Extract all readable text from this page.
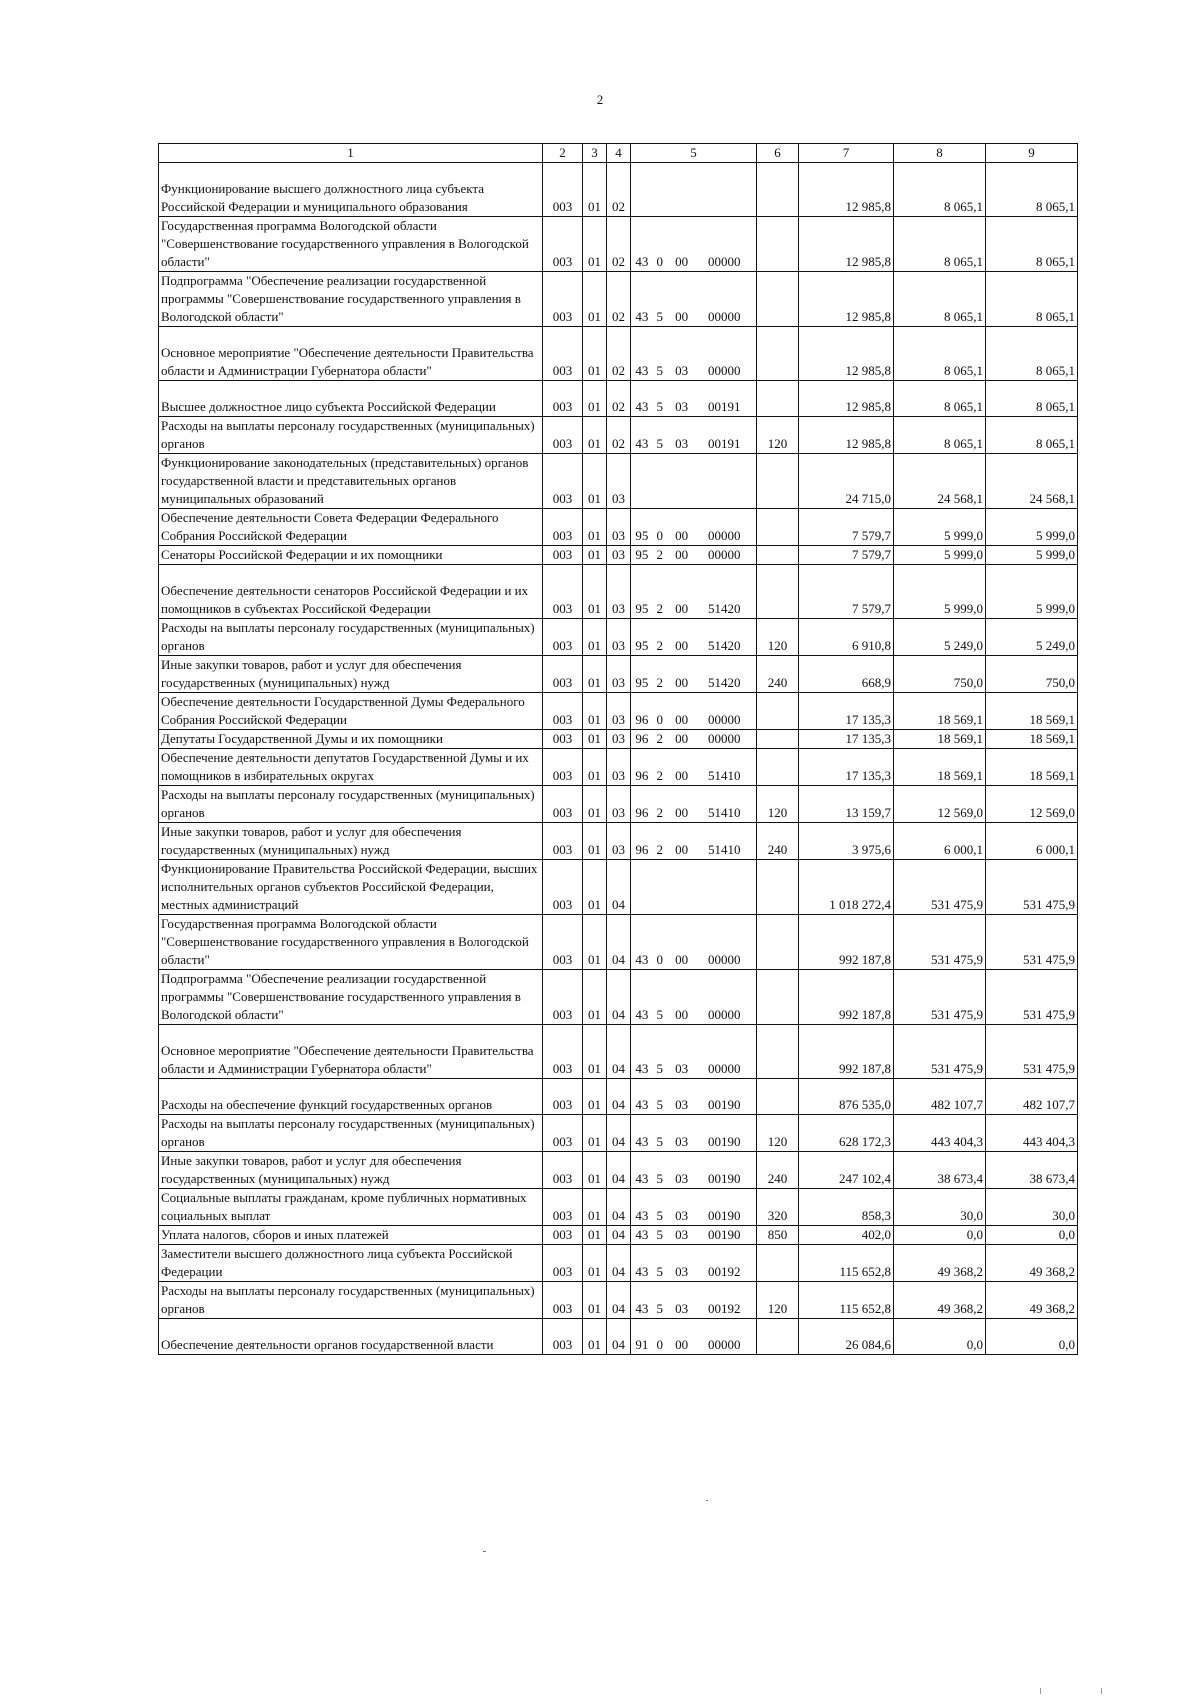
2
1	2	3	4	5	6	7	8	9
Функционирование высшего должностного лица субъекта Российской Федерации и муниципального образования	003	01	02			12 985,8	8 065,1	8 065,1
Государственная программа Вологодской области "Совершенствование государственного управления в Вологодской области"	003	01	02	43 0 00 00000		12 985,8	8 065,1	8 065,1
Подпрограмма "Обеспечение реализации государственной программы "Совершенствование государственного управления в Вологодской области"	003	01	02	43 5 00 00000		12 985,8	8 065,1	8 065,1
Основное мероприятие "Обеспечение деятельности Правительства области и Администрации Губернатора области"	003	01	02	43 5 03 00000		12 985,8	8 065,1	8 065,1
Высшее должностное лицо субъекта Российской Федерации	003	01	02	43 5 03 00191		12 985,8	8 065,1	8 065,1
Расходы на выплаты персоналу государственных (муниципальных) органов	003	01	02	43 5 03 00191	120	12 985,8	8 065,1	8 065,1
Функционирование законодательных (представительных) органов государственной власти и представительных органов муниципальных образований	003	01	03			24 715,0	24 568,1	24 568,1
Обеспечение деятельности Совета Федерации Федерального Собрания Российской Федерации	003	01	03	95 0 00 00000		7 579,7	5 999,0	5 999,0
Сенаторы Российской Федерации и их помощники	003	01	03	95 2 00 00000		7 579,7	5 999,0	5 999,0
Обеспечение деятельности сенаторов Российской Федерации и их помощников в субъектах Российской Федерации	003	01	03	95 2 00 51420		7 579,7	5 999,0	5 999,0
Расходы на выплаты персоналу государственных (муниципальных) органов	003	01	03	95 2 00 51420	120	6 910,8	5 249,0	5 249,0
Иные закупки товаров, работ и услуг для обеспечения государственных (муниципальных) нужд	003	01	03	95 2 00 51420	240	668,9	750,0	750,0
Обеспечение деятельности Государственной Думы Федерального Собрания Российской Федерации	003	01	03	96 0 00 00000		17 135,3	18 569,1	18 569,1
Депутаты Государственной Думы и их помощники	003	01	03	96 2 00 00000		17 135,3	18 569,1	18 569,1
Обеспечение деятельности депутатов Государственной Думы и их помощников в избирательных округах	003	01	03	96 2 00 51410		17 135,3	18 569,1	18 569,1
Расходы на выплаты персоналу государственных (муниципальных) органов	003	01	03	96 2 00 51410	120	13 159,7	12 569,0	12 569,0
Иные закупки товаров, работ и услуг для обеспечения государственных (муниципальных) нужд	003	01	03	96 2 00 51410	240	3 975,6	6 000,1	6 000,1
Функционирование Правительства Российской Федерации, высших исполнительных органов субъектов Российской Федерации, местных администраций	003	01	04			1 018 272,4	531 475,9	531 475,9
Государственная программа Вологодской области "Совершенствование государственного управления в Вологодской области"	003	01	04	43 0 00 00000		992 187,8	531 475,9	531 475,9
Подпрограмма "Обеспечение реализации государственной программы "Совершенствование государственного управления в Вологодской области"	003	01	04	43 5 00 00000		992 187,8	531 475,9	531 475,9
Основное мероприятие "Обеспечение деятельности Правительства области и Администрации Губернатора области"	003	01	04	43 5 03 00000		992 187,8	531 475,9	531 475,9
Расходы на обеспечение функций государственных органов	003	01	04	43 5 03 00190		876 535,0	482 107,7	482 107,7
Расходы на выплаты персоналу государственных (муниципальных) органов	003	01	04	43 5 03 00190	120	628 172,3	443 404,3	443 404,3
Иные закупки товаров, работ и услуг для обеспечения государственных (муниципальных) нужд	003	01	04	43 5 03 00190	240	247 102,4	38 673,4	38 673,4
Социальные выплаты гражданам, кроме публичных нормативных социальных выплат	003	01	04	43 5 03 00190	320	858,3	30,0	30,0
Уплата налогов, сборов и иных платежей	003	01	04	43 5 03 00190	850	402,0	0,0	0,0
Заместители высшего должностного лица субъекта Российской Федерации	003	01	04	43 5 03 00192		115 652,8	49 368,2	49 368,2
Расходы на выплаты персоналу государственных (муниципальных) органов	003	01	04	43 5 03 00192	120	115 652,8	49 368,2	49 368,2
Обеспечение деятельности органов государственной власти	003	01	04	91 0 00 00000		26 084,6	0,0	0,0
